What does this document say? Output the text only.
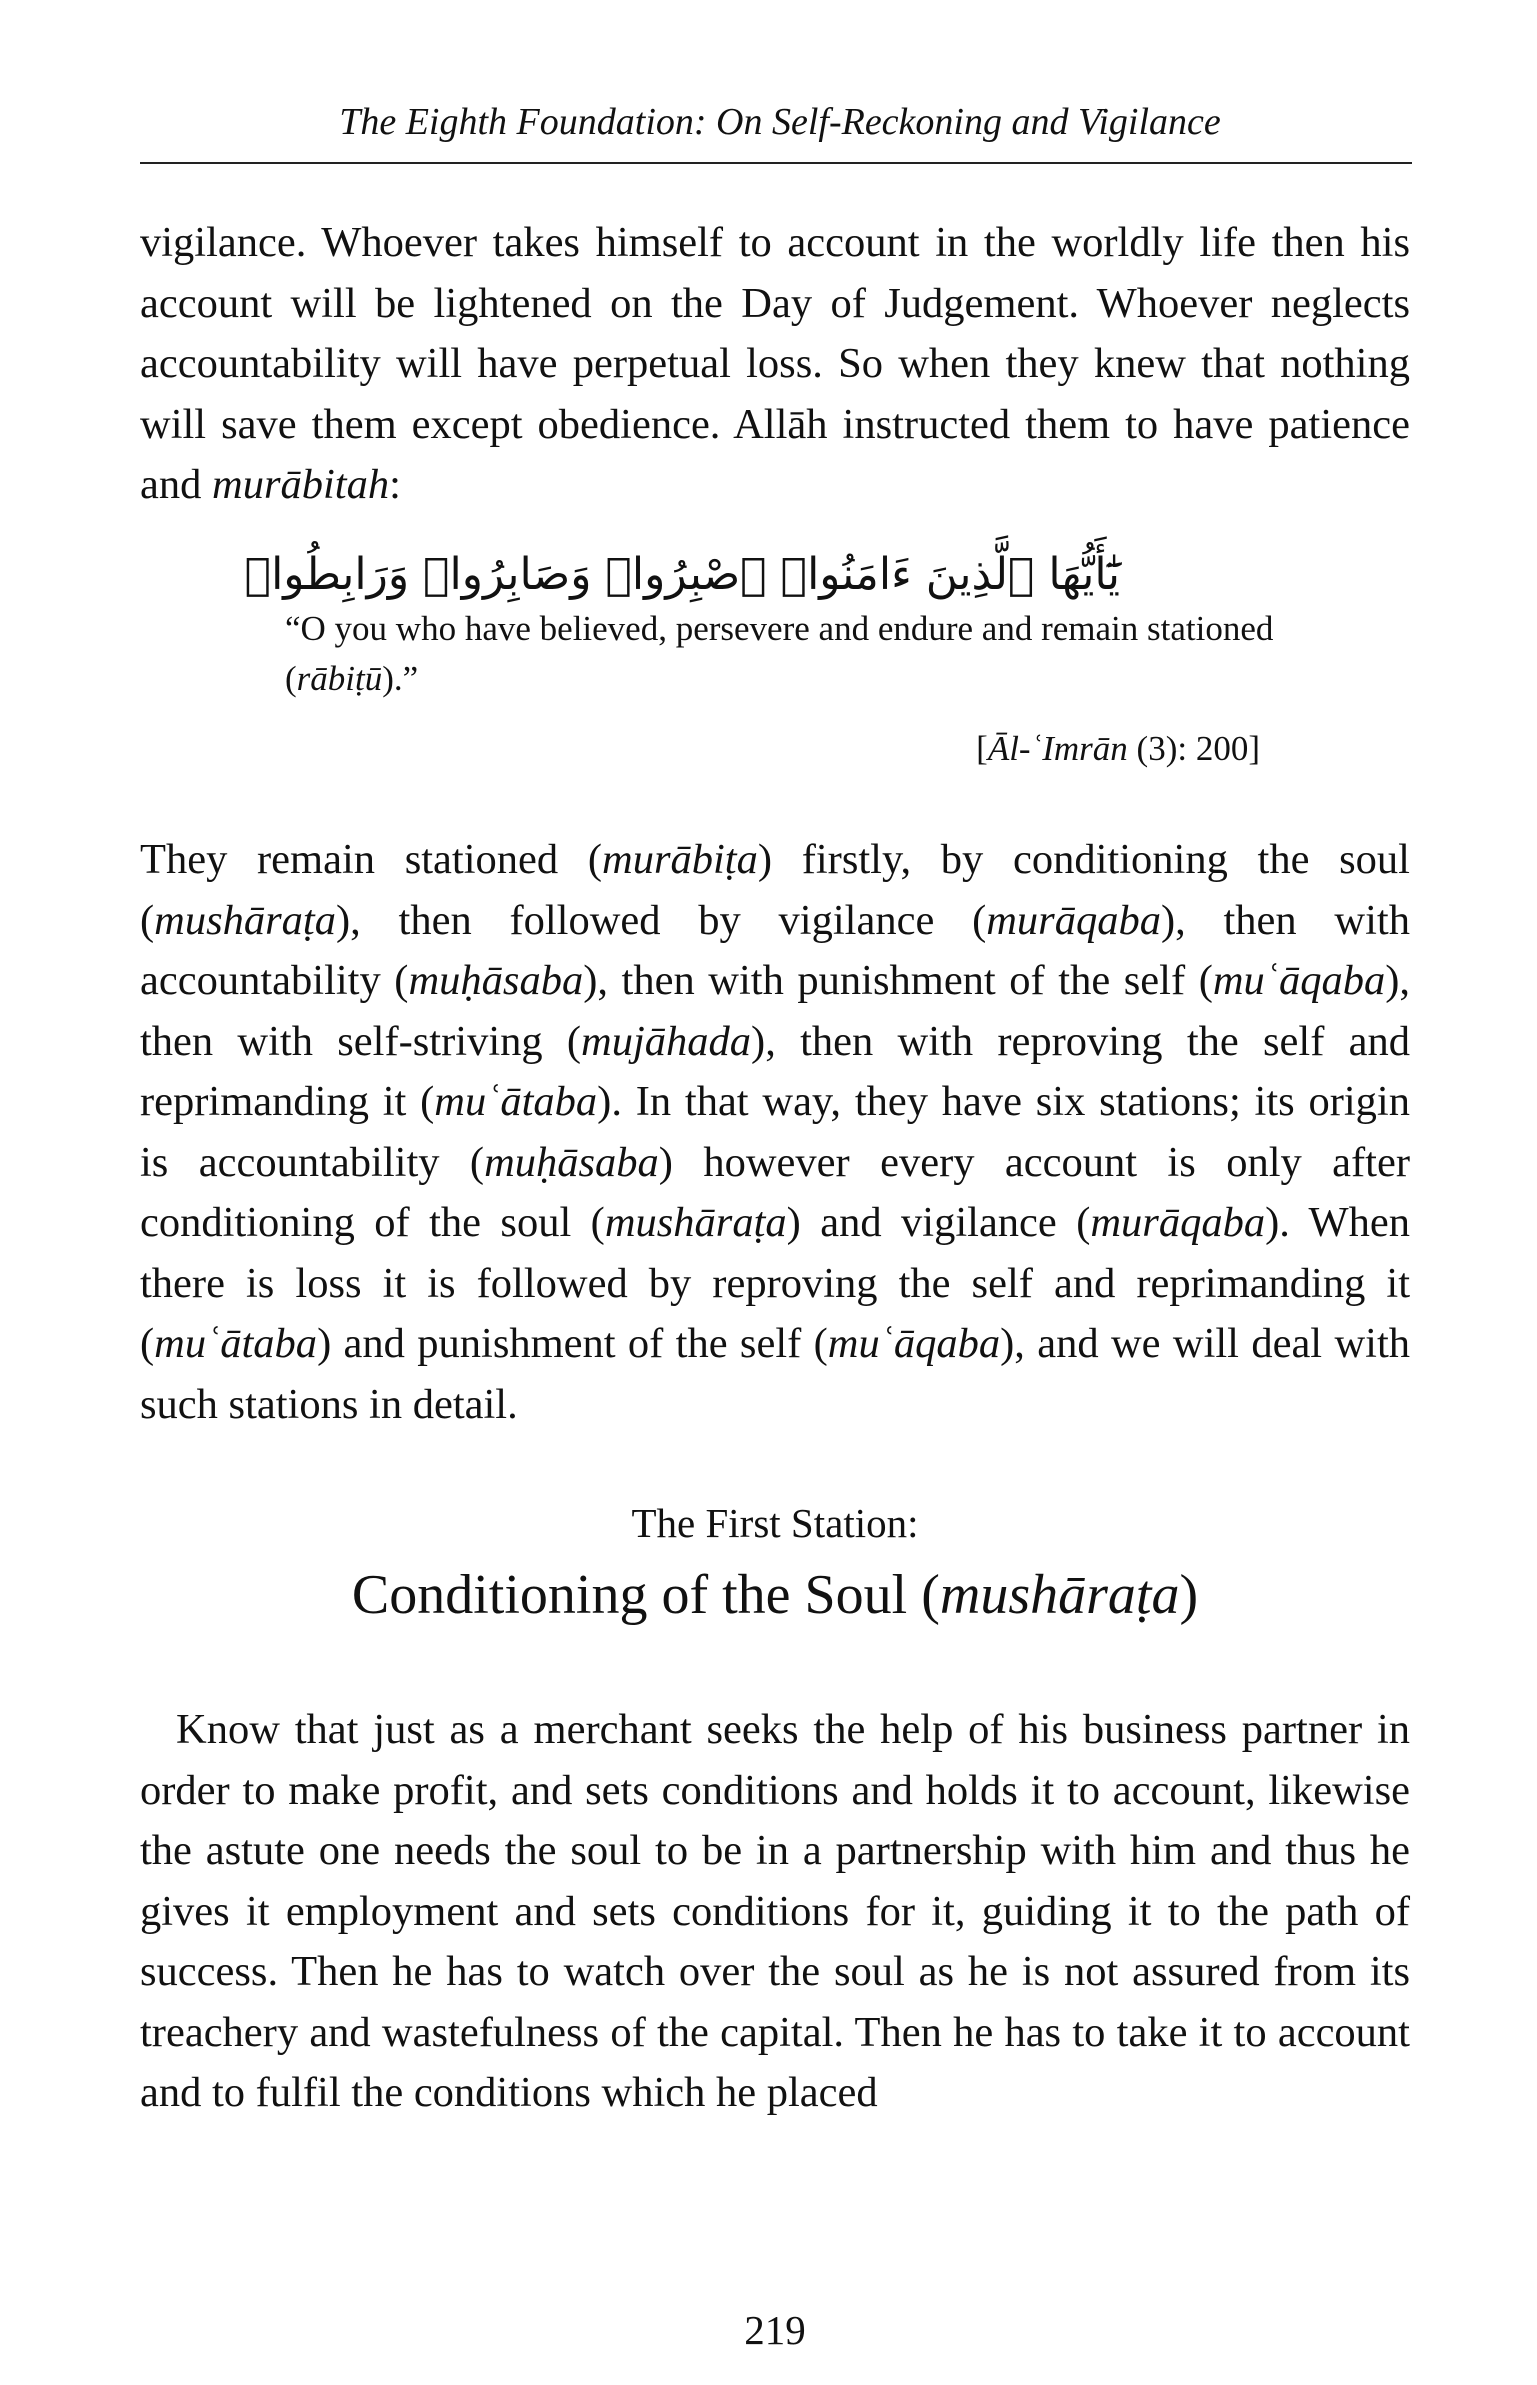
The Eighth Foundation: On Self-Reckoning and Vigilance

vigilance. Whoever takes himself to account in the worldly life then his account will be lightened on the Day of Judgement. Whoever neglects accountability will have perpetual loss. So when they knew that nothing will save them except obedience. Allāh instructed them to have patience and murābitah:

يَٰٓأَيُّهَا ٱلَّذِينَ ءَامَنُوا۟ ٱصْبِرُوا۟ وَصَابِرُوا۟ وَرَابِطُوا۟

“O you who have believed, persevere and endure and remain stationed (rābiṭū).”

[Āl-ʿImrān (3): 200]

They remain stationed (murābiṭa) firstly, by conditioning the soul (mushāraṭa), then followed by vigilance (murāqaba), then with accountability (muḥāsaba), then with punishment of the self (muʿāqaba), then with self-striving (mujāhada), then with reproving the self and reprimanding it (muʿātaba). In that way, they have six stations; its origin is accountability (muḥāsaba) however every account is only after conditioning of the soul (mushāraṭa) and vigilance (murāqaba). When there is loss it is followed by reproving the self and reprimanding it (muʿātaba) and punishment of the self (muʿāqaba), and we will deal with such stations in detail.

The First Station:
Conditioning of the Soul (mushāraṭa)

Know that just as a merchant seeks the help of his business partner in order to make profit, and sets conditions and holds it to account, likewise the astute one needs the soul to be in a partnership with him and thus he gives it employment and sets conditions for it, guiding it to the path of success. Then he has to watch over the soul as he is not assured from its treachery and wastefulness of the capital. Then he has to take it to account and to fulfil the conditions which he placed

219
